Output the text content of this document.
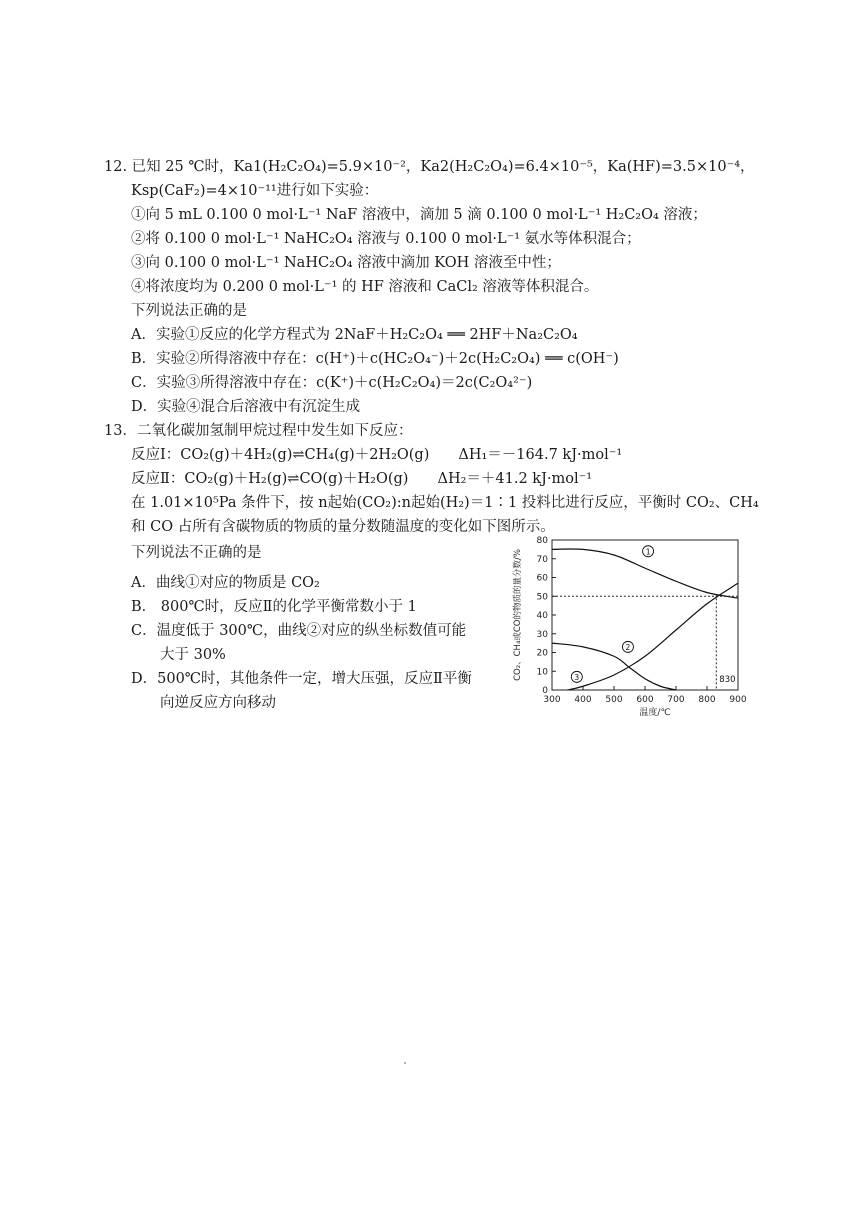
12. 已知 25 ℃时，Ka1(H₂C₂O₄)=5.9×10⁻²，Ka2(H₂C₂O₄)=6.4×10⁻⁵，Ka(HF)=3.5×10⁻⁴，
Ksp(CaF₂)=4×10⁻¹¹进行如下实验：
①向 5 mL 0.100 0 mol·L⁻¹ NaF 溶液中，滴加 5 滴 0.100 0 mol·L⁻¹ H₂C₂O₄ 溶液；
②将 0.100 0 mol·L⁻¹ NaHC₂O₄ 溶液与 0.100 0 mol·L⁻¹ 氨水等体积混合；
③向 0.100 0 mol·L⁻¹ NaHC₂O₄ 溶液中滴加 KOH 溶液至中性；
④将浓度均为 0.200 0 mol·L⁻¹ 的 HF 溶液和 CaCl₂ 溶液等体积混合。
下列说法正确的是
A．实验①反应的化学方程式为 2NaF＋H₂C₂O₄ ══ 2HF＋Na₂C₂O₄
B．实验②所得溶液中存在：c(H⁺)＋c(HC₂O₄⁻)＋2c(H₂C₂O₄) ══ c(OH⁻)
C．实验③所得溶液中存在：c(K⁺)＋c(H₂C₂O₄)＝2c(C₂O₄²⁻)
D．实验④混合后溶液中有沉淀生成
13．二氧化碳加氢制甲烷过程中发生如下反应：
反应Ⅰ：CO₂(g)＋4H₂(g)⇌CH₄(g)＋2H₂O(g)　　ΔH₁＝－164.7 kJ·mol⁻¹
反应Ⅱ：CO₂(g)＋H₂(g)⇌CO(g)＋H₂O(g)　　ΔH₂＝＋41.2 kJ·mol⁻¹
在 1.01×10⁵Pa 条件下，按 n起始(CO₂):n起始(H₂)＝1∶1 投料比进行反应，平衡时 CO₂、CH₄
和 CO 占所有含碳物质的物质的量分数随温度的变化如下图所示。
下列说法不正确的是
A．曲线①对应的物质是 CO₂
B． 800℃时，反应Ⅱ的化学平衡常数小于 1
C．温度低于 300℃，曲线②对应的纵坐标数值可能
大于 30%
D．500℃时，其他条件一定，增大压强，反应Ⅱ平衡
向逆反应方向移动
0
10
20
30
40
50
60
70
80
300 400 500 600 700 800 900
温度/℃
CO₂、CH₄或CO的物质的量分数/%	1
2
3	830
